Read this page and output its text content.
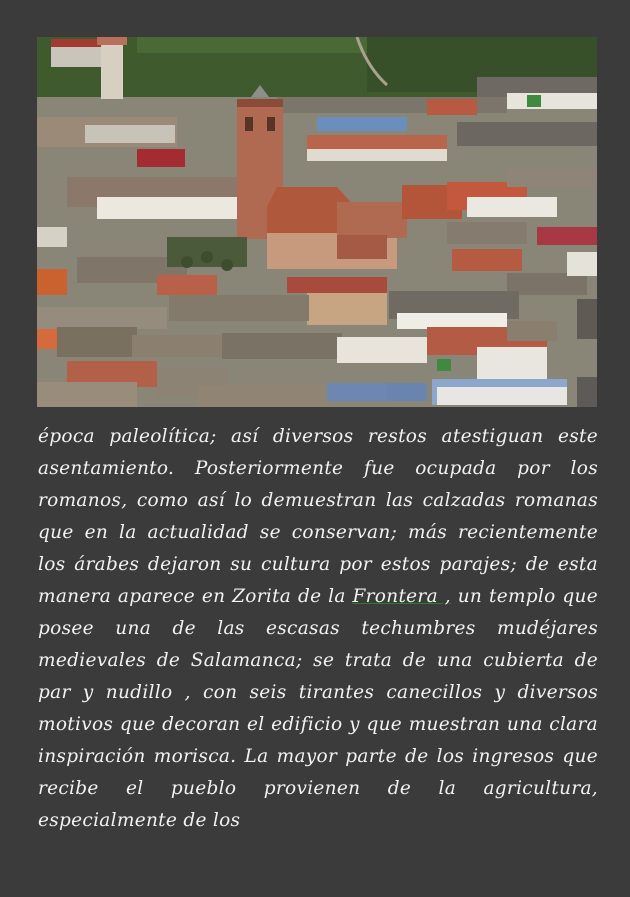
época paleolítica; así diversos restos atestiguan este asentamiento. Posteriormente fue ocupada por los romanos, como así lo demuestran las calzadas romanas que en la actualidad se conservan; más recientemente los árabes dejaron su cultura por estos parajes; de esta manera aparece en Zorita de la Frontera , un templo que posee una de las escasas techumbres mudéjares medievales de Salamanca; se trata de una cubierta de par y nudillo , con seis tirantes canecillos y diversos motivos que decoran el edificio y que muestran una clara inspiración morisca. La mayor parte de los ingresos que recibe el pueblo provienen de la agricultura, especialmente de los
